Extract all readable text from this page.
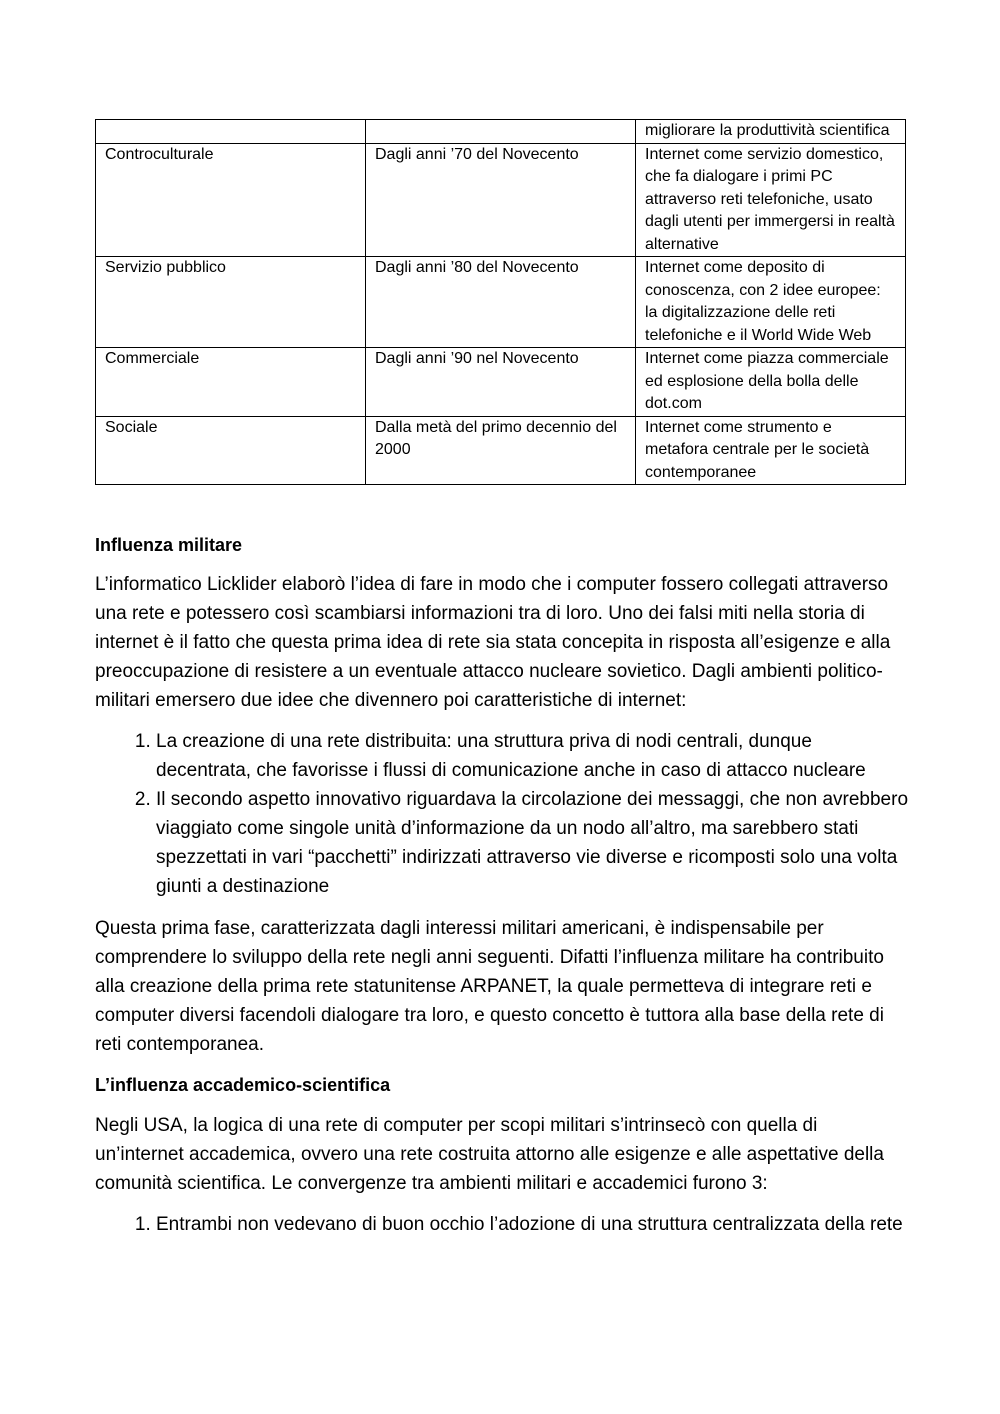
		migliorare la produttività scientifica
Controculturale	Dagli anni ’70 del Novecento	Internet come servizio domestico, che fa dialogare i primi PC attraverso reti telefoniche, usato dagli utenti per immergersi in realtà alternative
Servizio pubblico	Dagli anni ’80 del Novecento	Internet come deposito di conoscenza, con 2 idee europee: la digitalizzazione delle reti telefoniche e il World Wide Web
Commerciale	Dagli anni ’90 nel Novecento	Internet come piazza commerciale ed esplosione della bolla delle dot.com
Sociale	Dalla metà del primo decennio del 2000	Internet come strumento e metafora centrale per le società contemporanee

Influenza militare

L’informatico Licklider elaborò l’idea di fare in modo che i computer fossero collegati attraverso una rete e potessero così scambiarsi informazioni tra di loro. Uno dei falsi miti nella storia di internet è il fatto che questa prima idea di rete sia stata concepita in risposta all’esigenze e alla preoccupazione di resistere a un eventuale attacco nucleare sovietico. Dagli ambienti politico-militari emersero due idee che divennero poi caratteristiche di internet:

1. La creazione di una rete distribuita: una struttura priva di nodi centrali, dunque decentrata, che favorisse i flussi di comunicazione anche in caso di attacco nucleare
2. Il secondo aspetto innovativo riguardava la circolazione dei messaggi, che non avrebbero viaggiato come singole unità d’informazione da un nodo all’altro, ma sarebbero stati spezzettati in vari “pacchetti” indirizzati attraverso vie diverse e ricomposti solo una volta giunti a destinazione

Questa prima fase, caratterizzata dagli interessi militari americani, è indispensabile per comprendere lo sviluppo della rete negli anni seguenti. Difatti l’influenza militare ha contribuito alla creazione della prima rete statunitense ARPANET, la quale permetteva di integrare reti e computer diversi facendoli dialogare tra loro, e questo concetto è tuttora alla base della rete di reti contemporanea.

L’influenza accademico-scientifica

Negli USA, la logica di una rete di computer per scopi militari s’intrinsecò con quella di un’internet accademica, ovvero una rete costruita attorno alle esigenze e alle aspettative della comunità scientifica. Le convergenze tra ambienti militari e accademici furono 3:

1. Entrambi non vedevano di buon occhio l’adozione di una struttura centralizzata della rete
